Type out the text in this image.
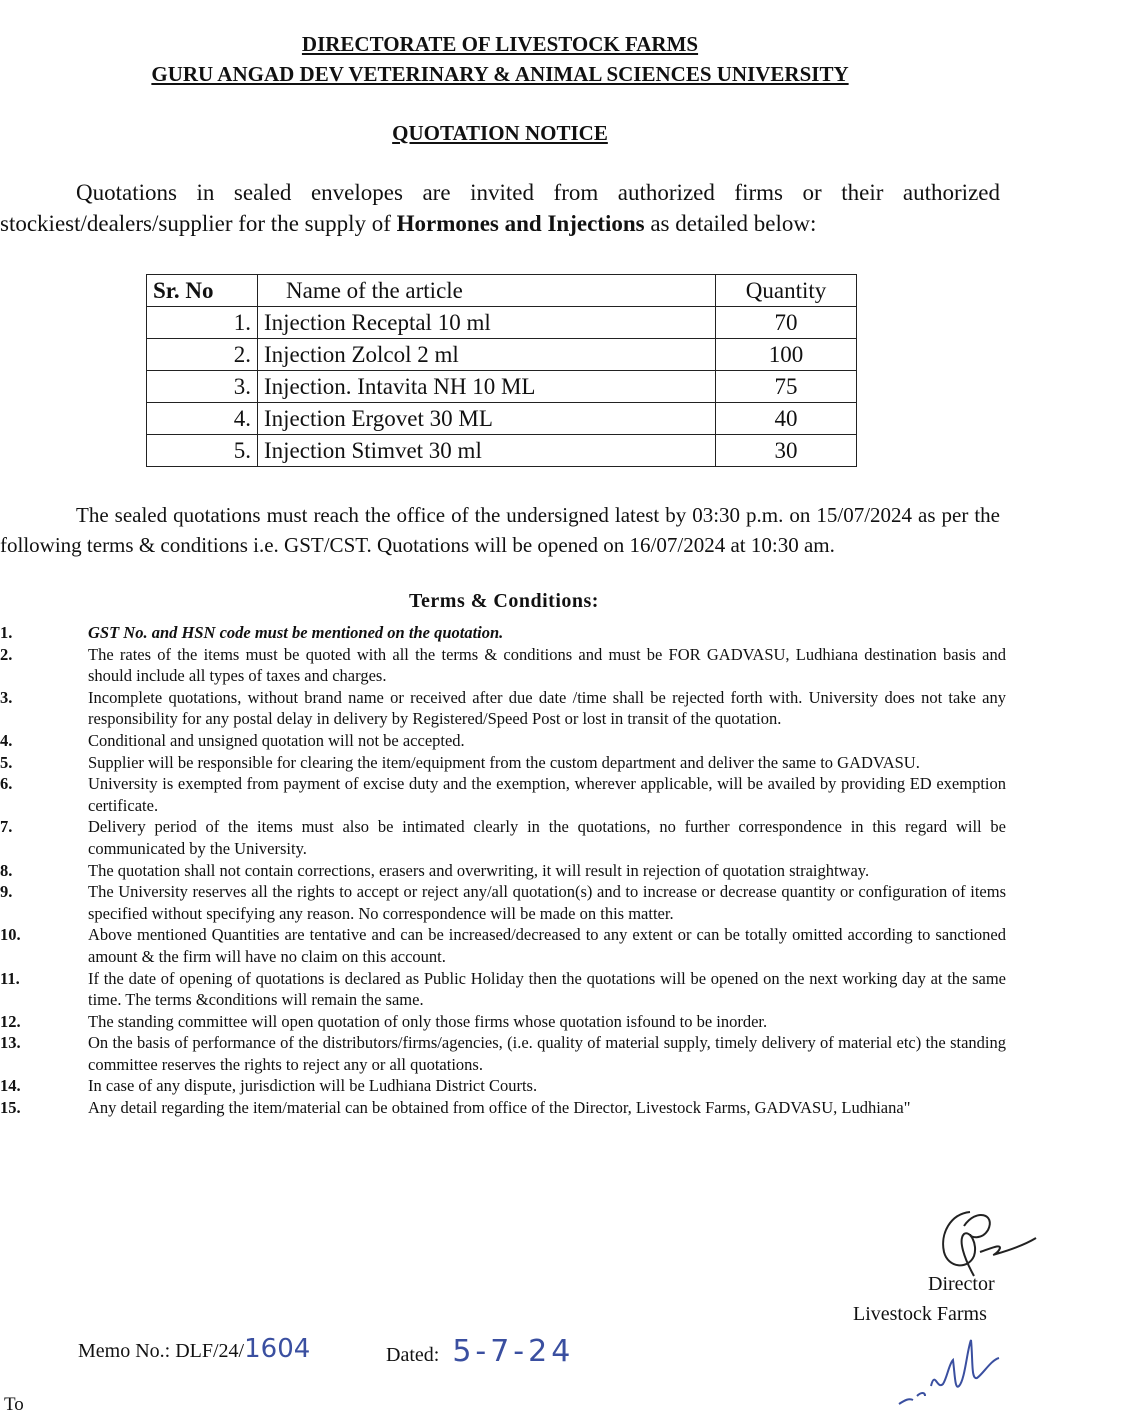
DIRECTORATE OF LIVESTOCK FARMS
GURU ANGAD DEV VETERINARY & ANIMAL SCIENCES UNIVERSITY
QUOTATION NOTICE

Quotations in sealed envelopes are invited from authorized firms or their authorized stockiest/dealers/supplier for the supply of Hormones and Injections as detailed below:

Sr. No	Name of the article	Quantity
1.	Injection Receptal 10 ml	70
2.	Injection Zolcol 2 ml	100
3.	Injection. Intavita NH 10 ML	75
4.	Injection Ergovet 30 ML	40
5.	Injection Stimvet 30 ml	30

The sealed quotations must reach the office of the undersigned latest by 03:30 p.m. on 15/07/2024 as per the following terms & conditions i.e. GST/CST. Quotations will be opened on 16/07/2024 at 10:30 am.

Terms & Conditions:
1.	GST No. and HSN code must be mentioned on the quotation.
2.	The rates of the items must be quoted with all the terms & conditions and must be FOR GADVASU, Ludhiana destination basis and should include all types of taxes and charges.
3.	Incomplete quotations, without brand name or received after due date /time shall be rejected forth with. University does not take any responsibility for any postal delay in delivery by Registered/Speed Post or lost in transit of the quotation.
4.	Conditional and unsigned quotation will not be accepted.
5.	Supplier will be responsible for clearing the item/equipment from the custom department and deliver the same to GADVASU.
6.	University is exempted from payment of excise duty and the exemption, wherever applicable, will be availed by providing ED exemption certificate.
7.	Delivery period of the items must also be intimated clearly in the quotations, no further correspondence in this regard will be communicated by the University.
8.	The quotation shall not contain corrections, erasers and overwriting, it will result in rejection of quotation straightway.
9.	The University reserves all the rights to accept or reject any/all quotation(s) and to increase or decrease quantity or configuration of items specified without specifying any reason. No correspondence will be made on this matter.
10.	Above mentioned Quantities are tentative and can be increased/decreased to any extent or can be totally omitted according to sanctioned amount & the firm will have no claim on this account.
11.	If the date of opening of quotations is declared as Public Holiday then the quotations will be opened on the next working day at the same time. The terms &conditions will remain the same.
12.	The standing committee will open quotation of only those firms whose quotation isfound to be inorder.
13.	On the basis of performance of the distributors/firms/agencies, (i.e. quality of material supply, timely delivery of material etc) the standing committee reserves the rights to reject any or all quotations.
14.	In case of any dispute, jurisdiction will be Ludhiana District Courts.
15.	Any detail regarding the item/material can be obtained from office of the Director, Livestock Farms, GADVASU, Ludhiana"
Director
Livestock Farms
Memo No.: DLF/24/1604	Dated: 5-7-24
To
